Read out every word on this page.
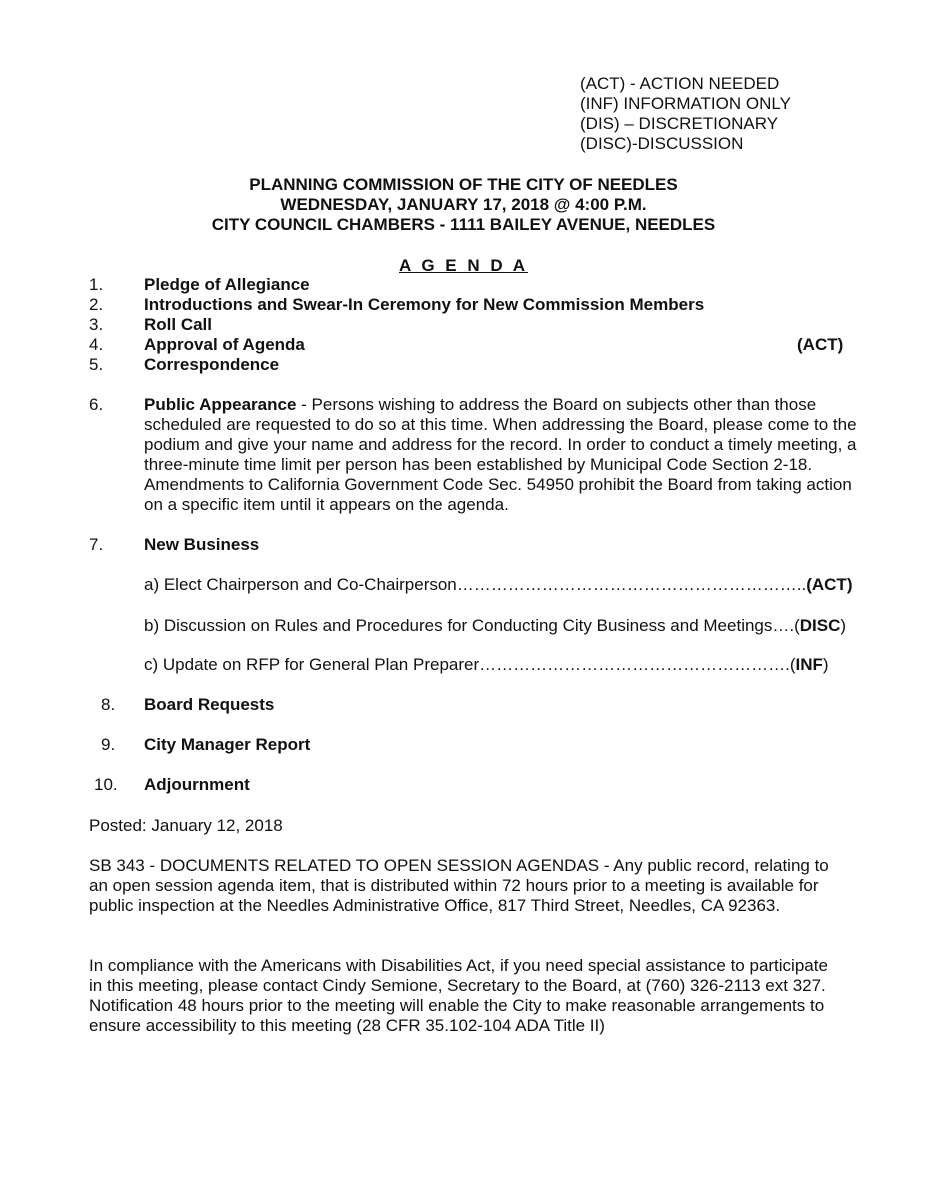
(ACT) - ACTION NEEDED
(INF) INFORMATION ONLY
(DIS) – DISCRETIONARY
(DISC)-DISCUSSION
PLANNING COMMISSION OF THE CITY OF NEEDLES
WEDNESDAY, JANUARY 17, 2018 @ 4:00 P.M.
CITY COUNCIL CHAMBERS - 1111 BAILEY AVENUE, NEEDLES
A G E N D A
1. Pledge of Allegiance
2. Introductions and Swear-In Ceremony for New Commission Members
3. Roll Call
4. Approval of Agenda	(ACT)
5. Correspondence
6. Public Appearance - Persons wishing to address the Board on subjects other than those scheduled are requested to do so at this time. When addressing the Board, please come to the podium and give your name and address for the record. In order to conduct a timely meeting, a three-minute time limit per person has been established by Municipal Code Section 2-18. Amendments to California Government Code Sec. 54950 prohibit the Board from taking action on a specific item until it appears on the agenda.
7. New Business
a) Elect Chairperson and Co-Chairperson……………………………………………………..(ACT)
b) Discussion on Rules and Procedures for Conducting City Business and Meetings….(DISC)
c) Update on RFP for General Plan Preparer……………………………………………….(INF)
8. Board Requests
9. City Manager Report
10. Adjournment
Posted: January 12, 2018
SB 343 - DOCUMENTS RELATED TO OPEN SESSION AGENDAS - Any public record, relating to an open session agenda item, that is distributed within 72 hours prior to a meeting is available for public inspection at the Needles Administrative Office, 817 Third Street, Needles, CA 92363.
In compliance with the Americans with Disabilities Act, if you need special assistance to participate in this meeting, please contact Cindy Semione, Secretary to the Board, at (760) 326-2113 ext 327. Notification 48 hours prior to the meeting will enable the City to make reasonable arrangements to ensure accessibility to this meeting (28 CFR 35.102-104 ADA Title II)
